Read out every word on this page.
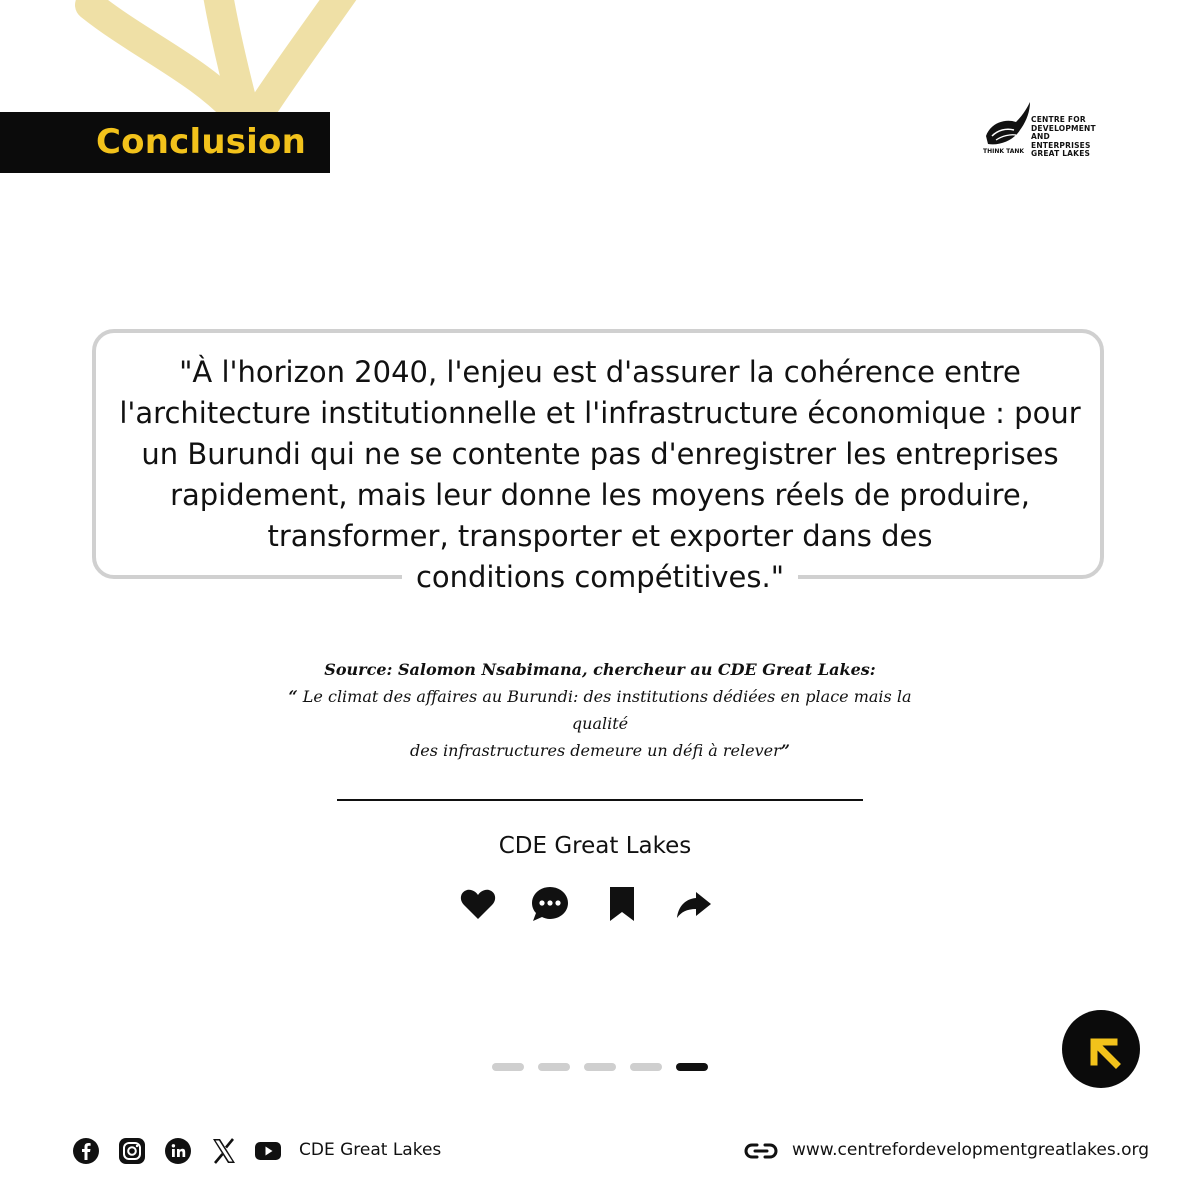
Conclusion
CENTRE FOR
DEVELOPMENT
AND ENTERPRISES
GREAT LAKES
THINK TANK
"À l'horizon 2040, l'enjeu est d'assurer la cohérence entre l'architecture institutionnelle et l'infrastructure économique : pour un Burundi qui ne se contente pas d'enregistrer les entreprises rapidement, mais leur donne les moyens réels de produire, transformer, transporter et exporter dans des
conditions compétitives."
Source: Salomon Nsabimana, chercheur au CDE Great Lakes:
“ Le climat des affaires au Burundi: des institutions dédiées en place mais la qualité
des infrastructures demeure un défi à relever”
CDE Great Lakes
CDE Great Lakes	www.centrefordevelopmentgreatlakes.org
